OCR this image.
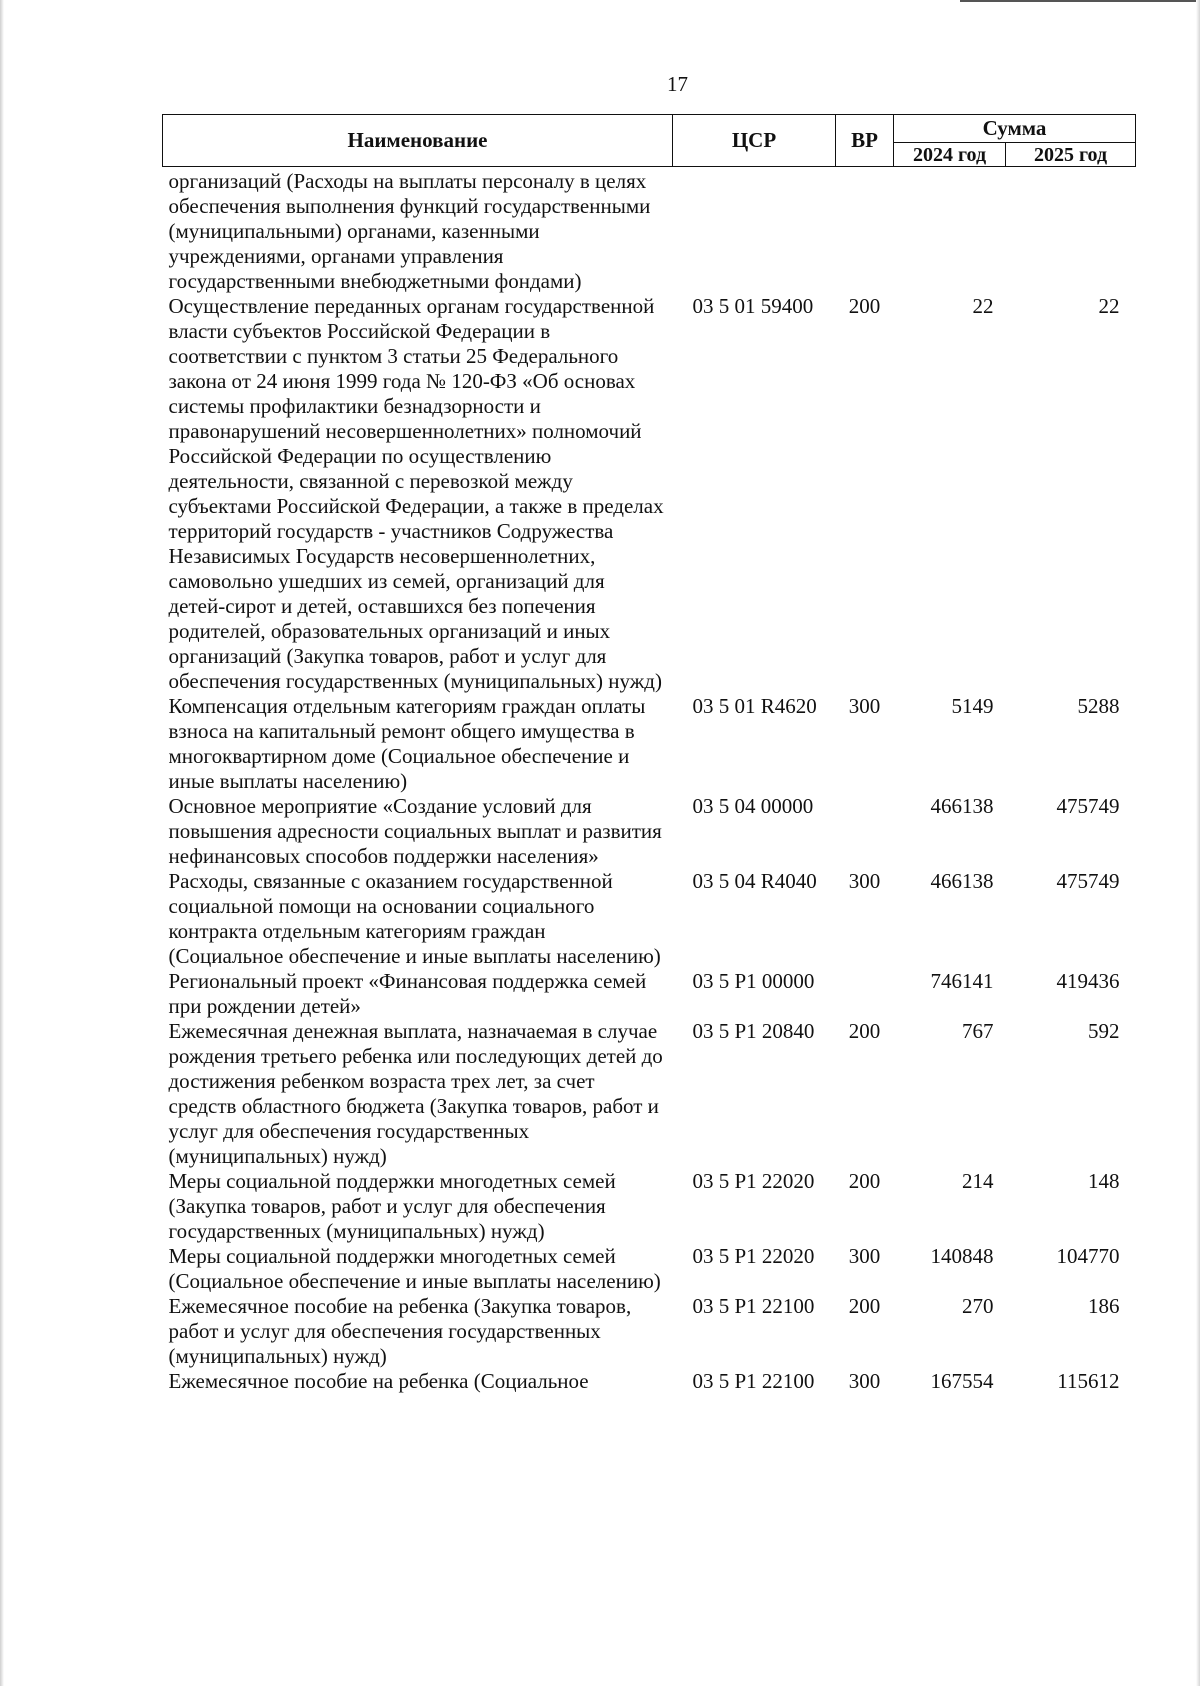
17
Наименование	ЦСР	ВР	Сумма	
			2024 год	2025 год
организаций (Расходы на выплаты персоналу в целях обеспечения выполнения функций государственными (муниципальными) органами, казенными учреждениями, органами управления государственными внебюджетными фондами)				
Осуществление переданных органам государственной власти субъектов Российской Федерации в соответствии с пунктом 3 статьи 25 Федерального закона от 24 июня 1999 года № 120-ФЗ «Об основах системы профилактики безнадзорности и правонарушений несовершеннолетних» полномочий Российской Федерации по осуществлению деятельности, связанной с перевозкой между субъектами Российской Федерации, а также в пределах территорий государств - участников Содружества Независимых Государств несовершеннолетних, самовольно ушедших из семей, организаций для детей-сирот и детей, оставшихся без попечения родителей, образовательных организаций и иных организаций (Закупка товаров, работ и услуг для обеспечения государственных (муниципальных) нужд)	03 5 01 59400	200	22	22
Компенсация отдельным категориям граждан оплаты взноса на капитальный ремонт общего имущества в многоквартирном доме (Социальное обеспечение и иные выплаты населению)	03 5 01 R4620	300	5149	5288
Основное мероприятие «Создание условий для повышения адресности социальных выплат и развития нефинансовых способов поддержки населения»	03 5 04 00000		466138	475749
Расходы, связанные с оказанием государственной социальной помощи на основании социального контракта отдельным категориям граждан (Социальное обеспечение и иные выплаты населению)	03 5 04 R4040	300	466138	475749
Региональный проект «Финансовая поддержка семей при рождении детей»	03 5 P1 00000		746141	419436
Ежемесячная денежная выплата, назначаемая в случае рождения третьего ребенка или последующих детей до достижения ребенком возраста трех лет, за счет средств областного бюджета (Закупка товаров, работ и услуг для обеспечения государственных (муниципальных) нужд)	03 5 P1 20840	200	767	592
Меры социальной поддержки многодетных семей (Закупка товаров, работ и услуг для обеспечения государственных (муниципальных) нужд)	03 5 P1 22020	200	214	148
Меры социальной поддержки многодетных семей (Социальное обеспечение и иные выплаты населению)	03 5 P1 22020	300	140848	104770
Ежемесячное пособие на ребенка (Закупка товаров, работ и услуг для обеспечения государственных (муниципальных) нужд)	03 5 P1 22100	200	270	186
Ежемесячное пособие на ребенка (Социальное	03 5 P1 22100	300	167554	115612
